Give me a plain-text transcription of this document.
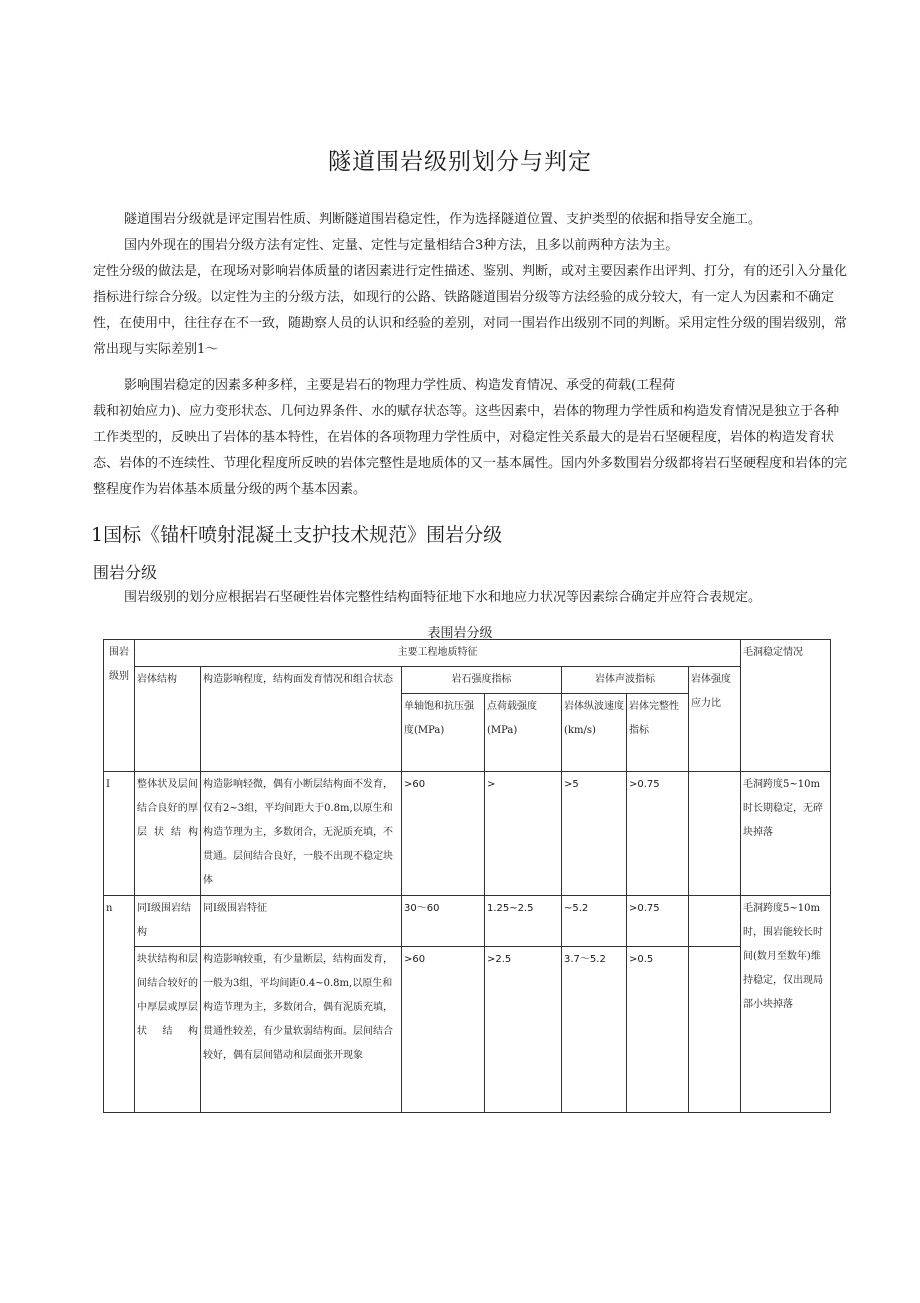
隧道围岩级别划分与判定

隧道围岩分级就是评定围岩性质、判断隧道围岩稳定性，作为选择隧道位置、支护类型的依据和指导安全施工。

国内外现在的围岩分级方法有定性、定量、定性与定量相结合3种方法，且多以前两种方法为主。

定性分级的做法是，在现场对影响岩体质量的诸因素进行定性描述、鉴别、判断，或对主要因素作出评判、打分，有的还引入分量化指标进行综合分级。以定性为主的分级方法，如现行的公路、铁路隧道围岩分级等方法经验的成分较大，有一定人为因素和不确定性，在使用中，往往存在不一致，随勘察人员的认识和经验的差别，对同一围岩作出级别不同的判断。采用定性分级的围岩级别，常常出现与实际差别1～

影响围岩稳定的因素多种多样，主要是岩石的物理力学性质、构造发育情况、承受的荷载(工程荷

载和初始应力)、应力变形状态、几何边界条件、水的赋存状态等。这些因素中，岩体的物理力学性质和构造发育情况是独立于各种工作类型的，反映出了岩体的基本特性，在岩体的各项物理力学性质中，对稳定性关系最大的是岩石坚硬程度，岩体的构造发育状态、岩体的不连续性、节理化程度所反映的岩体完整性是地质体的又一基本属性。国内外多数围岩分级都将岩石坚硬程度和岩体的完整程度作为岩体基本质量分级的两个基本因素。

1国标《锚杆喷射混凝土支护技术规范》围岩分级
围岩分级

围岩级别的划分应根据岩石坚硬性岩体完整性结构面特征地下水和地应力状况等因素综合确定并应符合表规定。

表围岩分级
围岩级别	主要工程地质特征							毛洞稳定情况
	岩体结构	构造影响程度，结构面发育情况和组合状态	岩石强度指标		岩体声波指标		岩体强度应力比	
			单轴饱和抗压强度(MPa)	点荷载强度(MPa)	岩体纵波速度(km/s)	岩体完整性指标		
I	整体状及层间结合良好的厚层状结构	构造影响轻微，偶有小断层结构面不发育，仅有2~3组，平均间距大于0.8m,以原生和构造节理为主，多数闭合，无泥质充填，不贯通。层间结合良好，一般不出现不稳定块体	>60	>	>5	>0.75		毛洞跨度5~10m时长期稳定，无碎块掉落
n	同I级围岩结构	同I级围岩特征	30～60	1.25~2.5	~5.2	>0.75		毛洞跨度5~10m时，围岩能较长时间(数月至数年)维持稳定，仅出现局部小块掉落
	块状结构和层间结合较好的中厚层或厚层状结构	构造影响较重，有少量断层，结构面发育，一般为3组，平均间距0.4~0.8m,以原生和构造节理为主，多数闭合，偶有泥质充填，贯通性较差，有少量软弱结构面。层间结合较好，偶有层间错动和层面张开现象	>60	>2.5	3.7～5.2	>0.5		
